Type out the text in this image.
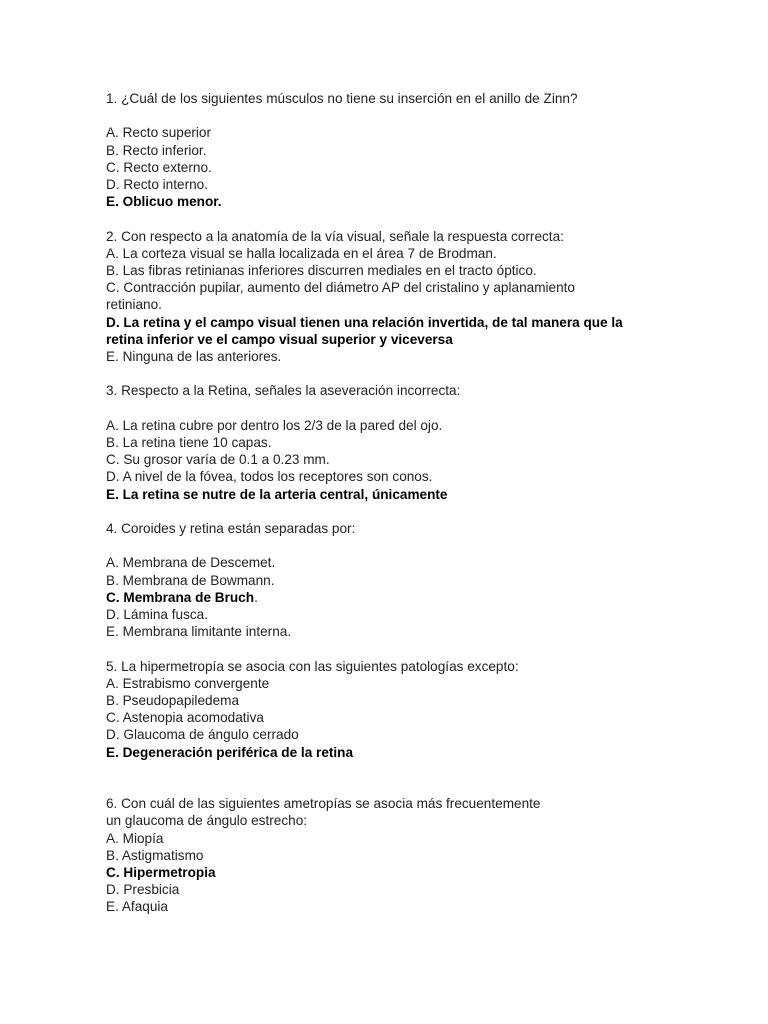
1. ¿Cuál de los siguientes músculos no tiene su inserción en el anillo de Zinn?

A. Recto superior

B. Recto inferior.

C. Recto externo.

D. Recto interno.

E. Oblicuo menor.

2. Con respecto a la anatomía de la vía visual, señale la respuesta correcta:

A. La corteza visual se halla localizada en el área 7 de Brodman.

B. Las fibras retinianas inferiores discurren mediales en el tracto óptico.

C. Contracción pupilar, aumento del diámetro AP del cristalino y aplanamiento

retiniano.

D. La retina y el campo visual tienen una relación invertida, de tal manera que la

retina inferior ve el campo visual superior y viceversa

E. Ninguna de las anteriores.

3. Respecto a la Retina, señales la aseveración incorrecta:

A. La retina cubre por dentro los 2/3 de la pared del ojo.

B. La retina tiene 10 capas.

C. Su grosor varía de 0.1 a 0.23 mm.

D. A nivel de la fóvea, todos los receptores son conos.

E. La retina se nutre de la arteria central, únicamente

4. Coroides y retina están separadas por:

A. Membrana de Descemet.

B. Membrana de Bowmann.

C. Membrana de Bruch.

D. Lámina fusca.

E. Membrana limitante interna.

5. La hipermetropía se asocia con las siguientes patologías excepto:

A. Estrabismo convergente

B. Pseudopapiledema

C. Astenopia acomodativa

D. Glaucoma de ángulo cerrado

E. Degeneración periférica de la retina

6. Con cuál de las siguientes ametropías se asocia más frecuentemente

un glaucoma de ángulo estrecho:

A. Miopía

B. Astigmatismo

C. Hipermetropia

D. Presbicia

E. Afaquia
